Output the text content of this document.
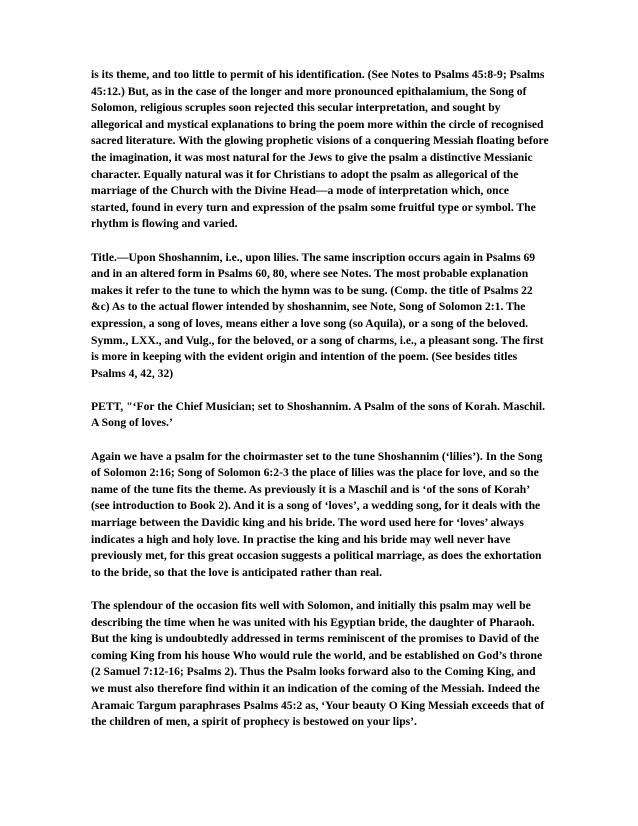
is its theme, and too little to permit of his identification. (See Notes to Psalms 45:8-9; Psalms 45:12.) But, as in the case of the longer and more pronounced epithalamium, the Song of Solomon, religious scruples soon rejected this secular interpretation, and sought by allegorical and mystical explanations to bring the poem more within the circle of recognised sacred literature. With the glowing prophetic visions of a conquering Messiah floating before the imagination, it was most natural for the Jews to give the psalm a distinctive Messianic character. Equally natural was it for Christians to adopt the psalm as allegorical of the marriage of the Church with the Divine Head—a mode of interpretation which, once started, found in every turn and expression of the psalm some fruitful type or symbol. The rhythm is flowing and varied.

Title.—Upon Shoshannim, i.e., upon lilies. The same inscription occurs again in Psalms 69 and in an altered form in Psalms 60, 80, where see Notes. The most probable explanation makes it refer to the tune to which the hymn was to be sung. (Comp. the title of Psalms 22 &c) As to the actual flower intended by shoshannim, see Note, Song of Solomon 2:1. The expression, a song of loves, means either a love song (so Aquila), or a song of the beloved. Symm., LXX., and Vulg., for the beloved, or a song of charms, i.e., a pleasant song. The first is more in keeping with the evident origin and intention of the poem. (See besides titles Psalms 4, 42, 32)

PETT, "‘For the Chief Musician; set to Shoshannim. A Psalm of the sons of Korah. Maschil. A Song of loves.’

Again we have a psalm for the choirmaster set to the tune Shoshannim (‘lilies’). In the Song of Solomon 2:16; Song of Solomon 6:2-3 the place of lilies was the place for love, and so the name of the tune fits the theme. As previously it is a Maschil and is ‘of the sons of Korah’ (see introduction to Book 2). And it is a song of ‘loves’, a wedding song, for it deals with the marriage between the Davidic king and his bride. The word used here for ‘loves’ always indicates a high and holy love. In practise the king and his bride may well never have previously met, for this great occasion suggests a political marriage, as does the exhortation to the bride, so that the love is anticipated rather than real.

The splendour of the occasion fits well with Solomon, and initially this psalm may well be describing the time when he was united with his Egyptian bride, the daughter of Pharaoh. But the king is undoubtedly addressed in terms reminiscent of the promises to David of the coming King from his house Who would rule the world, and be established on God’s throne (2 Samuel 7:12-16; Psalms 2). Thus the Psalm looks forward also to the Coming King, and we must also therefore find within it an indication of the coming of the Messiah. Indeed the Aramaic Targum paraphrases Psalms 45:2 as, ‘Your beauty O King Messiah exceeds that of the children of men, a spirit of prophecy is bestowed on your lips’.
